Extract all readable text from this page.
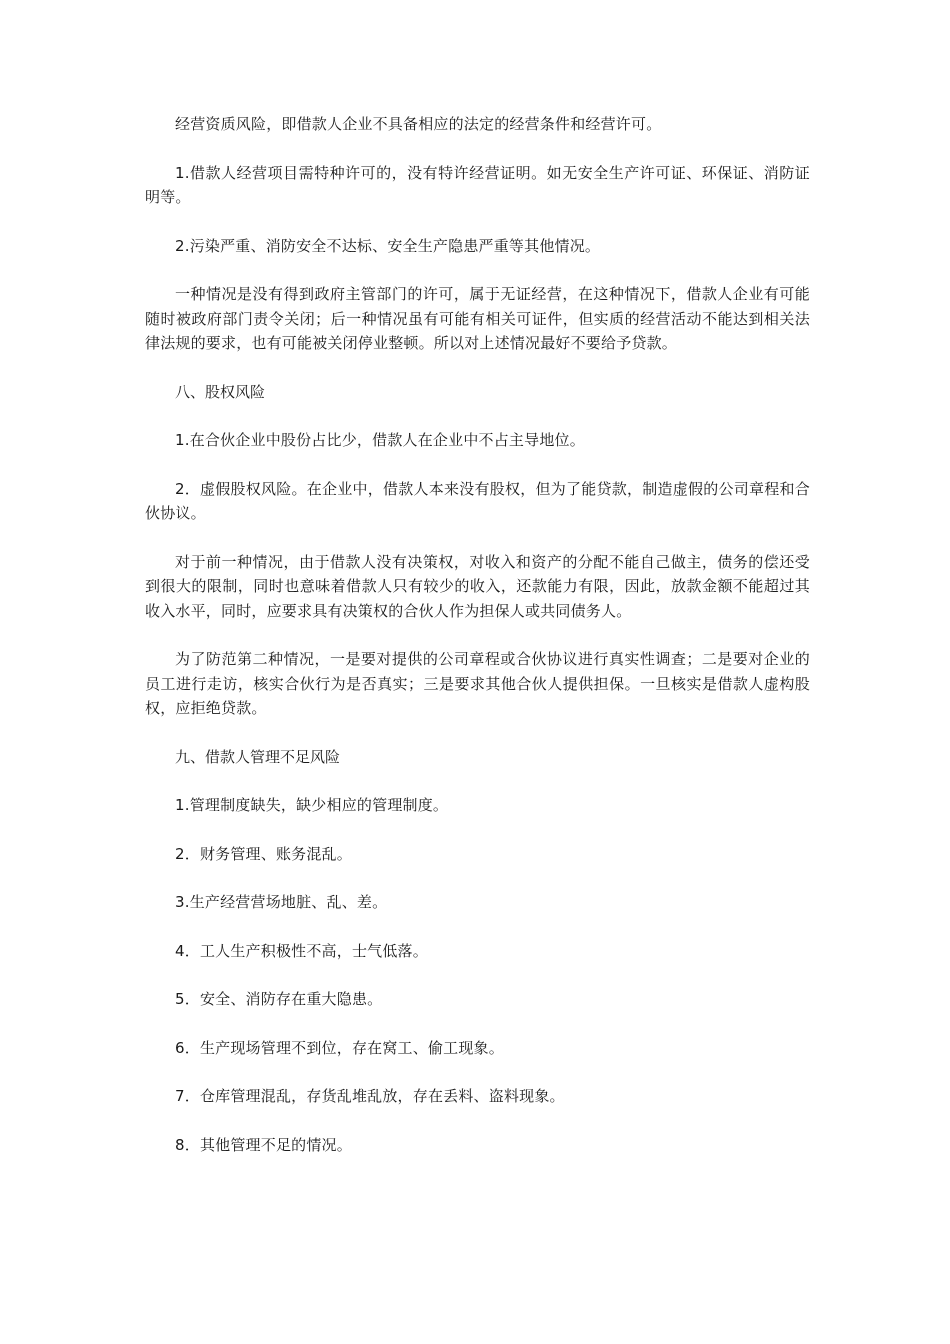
经营资质风险，即借款人企业不具备相应的法定的经营条件和经营许可。

1.借款人经营项目需特种许可的，没有特许经营证明。如无安全生产许可证、环保证、消防证明等。

2.污染严重、消防安全不达标、安全生产隐患严重等其他情况。

一种情况是没有得到政府主管部门的许可，属于无证经营，在这种情况下，借款人企业有可能随时被政府部门责令关闭；后一种情况虽有可能有相关可证件，但实质的经营活动不能达到相关法律法规的要求，也有可能被关闭停业整顿。所以对上述情况最好不要给予贷款。

八、股权风险

1.在合伙企业中股份占比少，借款人在企业中不占主导地位。

2．虚假股权风险。在企业中，借款人本来没有股权，但为了能贷款，制造虚假的公司章程和合伙协议。

对于前一种情况，由于借款人没有决策权，对收入和资产的分配不能自己做主，债务的偿还受到很大的限制，同时也意味着借款人只有较少的收入，还款能力有限，因此，放款金额不能超过其收入水平，同时，应要求具有决策权的合伙人作为担保人或共同债务人。

为了防范第二种情况，一是要对提供的公司章程或合伙协议进行真实性调查；二是要对企业的员工进行走访，核实合伙行为是否真实；三是要求其他合伙人提供担保。一旦核实是借款人虚构股权，应拒绝贷款。

九、借款人管理不足风险

1.管理制度缺失，缺少相应的管理制度。

2．财务管理、账务混乱。

3.生产经营营场地脏、乱、差。

4．工人生产积极性不高，士气低落。

5．安全、消防存在重大隐患。

6．生产现场管理不到位，存在窝工、偷工现象。

7．仓库管理混乱，存货乱堆乱放，存在丢料、盗料现象。

8．其他管理不足的情况。
